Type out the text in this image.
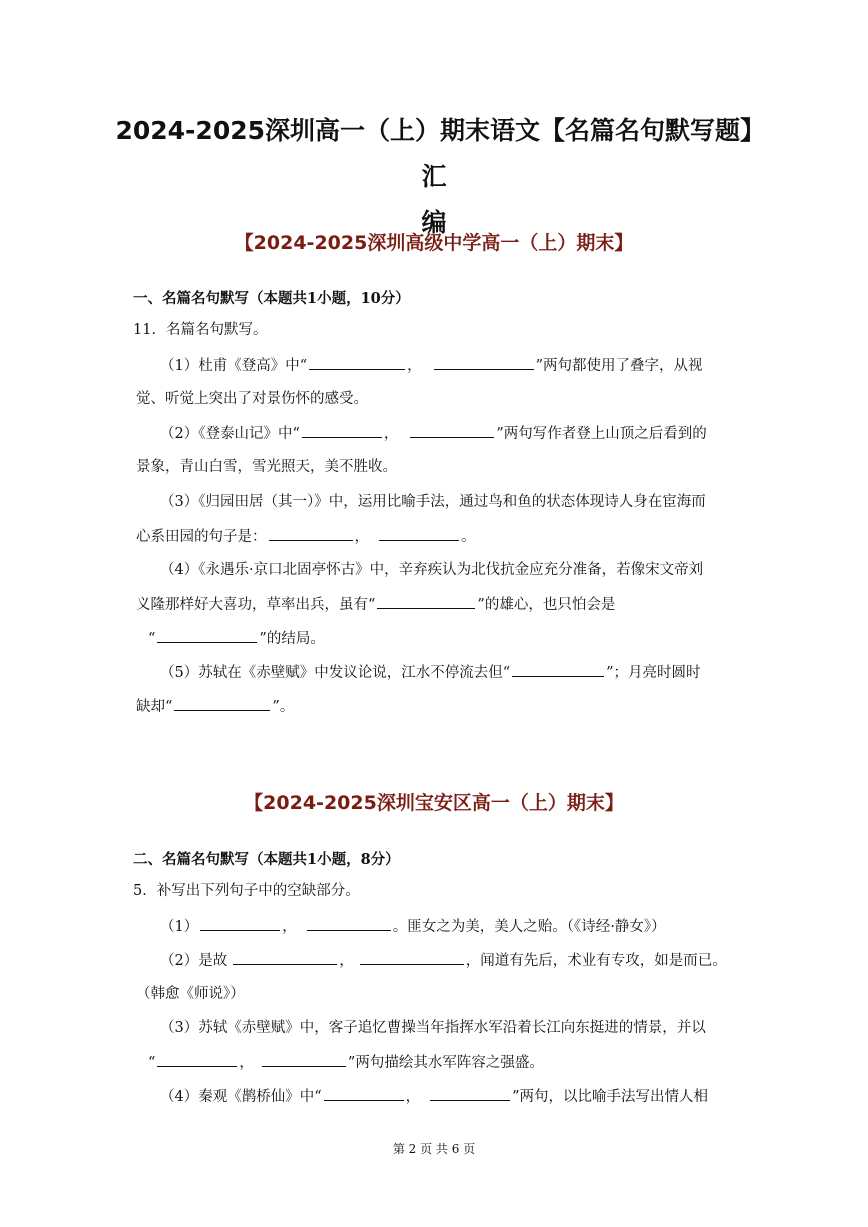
2024-2025深圳高一（上）期末语文【名篇名句默写题】汇
编
【2024-2025深圳高级中学高一（上）期末】
一、名篇名句默写（本题共1小题，10分）
11．名篇名句默写。
（1）杜甫《登高》中“	，	”两句都使用了叠字，从视
觉、听觉上突出了对景伤怀的感受。
（2）《登泰山记》中“	，	”两句写作者登上山顶之后看到的
景象，青山白雪，雪光照天，美不胜收。
（3）《归园田居（其一）》中，运用比喻手法，通过鸟和鱼的状态体现诗人身在宦海而
心系田园的句子是：	，	。
（4）《永遇乐·京口北固亭怀古》中，辛弃疾认为北伐抗金应充分准备，若像宋文帝刘
义隆那样好大喜功，草率出兵，虽有“	”的雄心，也只怕会是
“	”的结局。
（5）苏轼在《赤壁赋》中发议论说，江水不停流去但“	”；月亮时圆时
缺却“	”。
【2024-2025深圳宝安区高一（上）期末】
二、名篇名句默写（本题共1小题，8分）
5．补写出下列句子中的空缺部分。
（1）	，	。匪女之为美，美人之贻。（《诗经·静女》）
（2）是故	，	，闻道有先后，术业有专攻，如是而已。
（韩愈《师说》）
（3）苏轼《赤壁赋》中，客子追忆曹操当年指挥水军沿着长江向东挺进的情景，并以
“	，	”两句描绘其水军阵容之强盛。
（4）秦观《鹊桥仙》中“	，	”两句，以比喻手法写出情人相
第 2 页 共 6 页
